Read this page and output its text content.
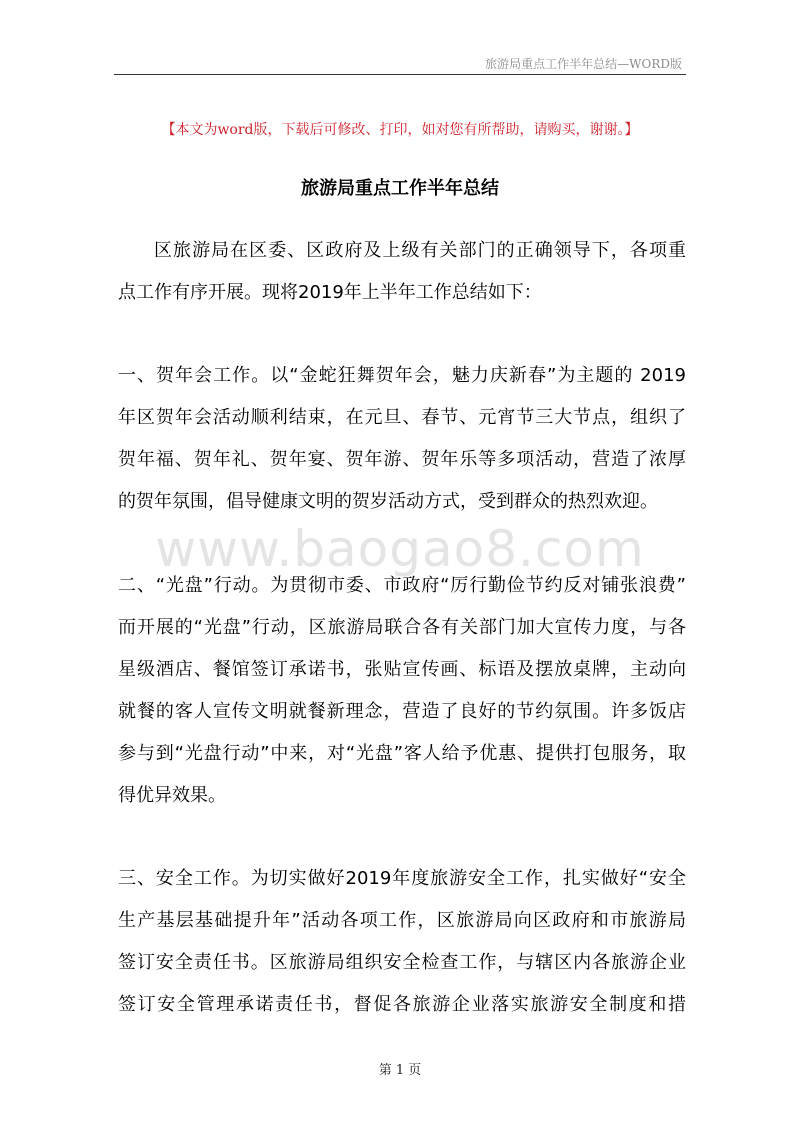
旅游局重点工作半年总结—WORD版
【本文为word版，下载后可修改、打印，如对您有所帮助，请购买，谢谢。】
旅游局重点工作半年总结
www.baogao8.com
区旅游局在区委、区政府及上级有关部门的正确领导下，各项重
点工作有序开展。现将2019年上半年工作总结如下：
一、贺年会工作。以“金蛇狂舞贺年会，魅力庆新春”为主题的 2019
年区贺年会活动顺利结束，在元旦、春节、元宵节三大节点，组织了
贺年福、贺年礼、贺年宴、贺年游、贺年乐等多项活动，营造了浓厚
的贺年氛围，倡导健康文明的贺岁活动方式，受到群众的热烈欢迎。
二、“光盘”行动。为贯彻市委、市政府“厉行勤俭节约反对铺张浪费”
而开展的“光盘”行动，区旅游局联合各有关部门加大宣传力度，与各
星级酒店、餐馆签订承诺书，张贴宣传画、标语及摆放桌牌，主动向
就餐的客人宣传文明就餐新理念，营造了良好的节约氛围。许多饭店
参与到“光盘行动”中来，对“光盘”客人给予优惠、提供打包服务，取
得优异效果。
三、安全工作。为切实做好2019年度旅游安全工作，扎实做好“安全
生产基层基础提升年”活动各项工作，区旅游局向区政府和市旅游局
签订安全责任书。区旅游局组织安全检查工作，与辖区内各旅游企业
签订安全管理承诺责任书，督促各旅游企业落实旅游安全制度和措
第 1 页
